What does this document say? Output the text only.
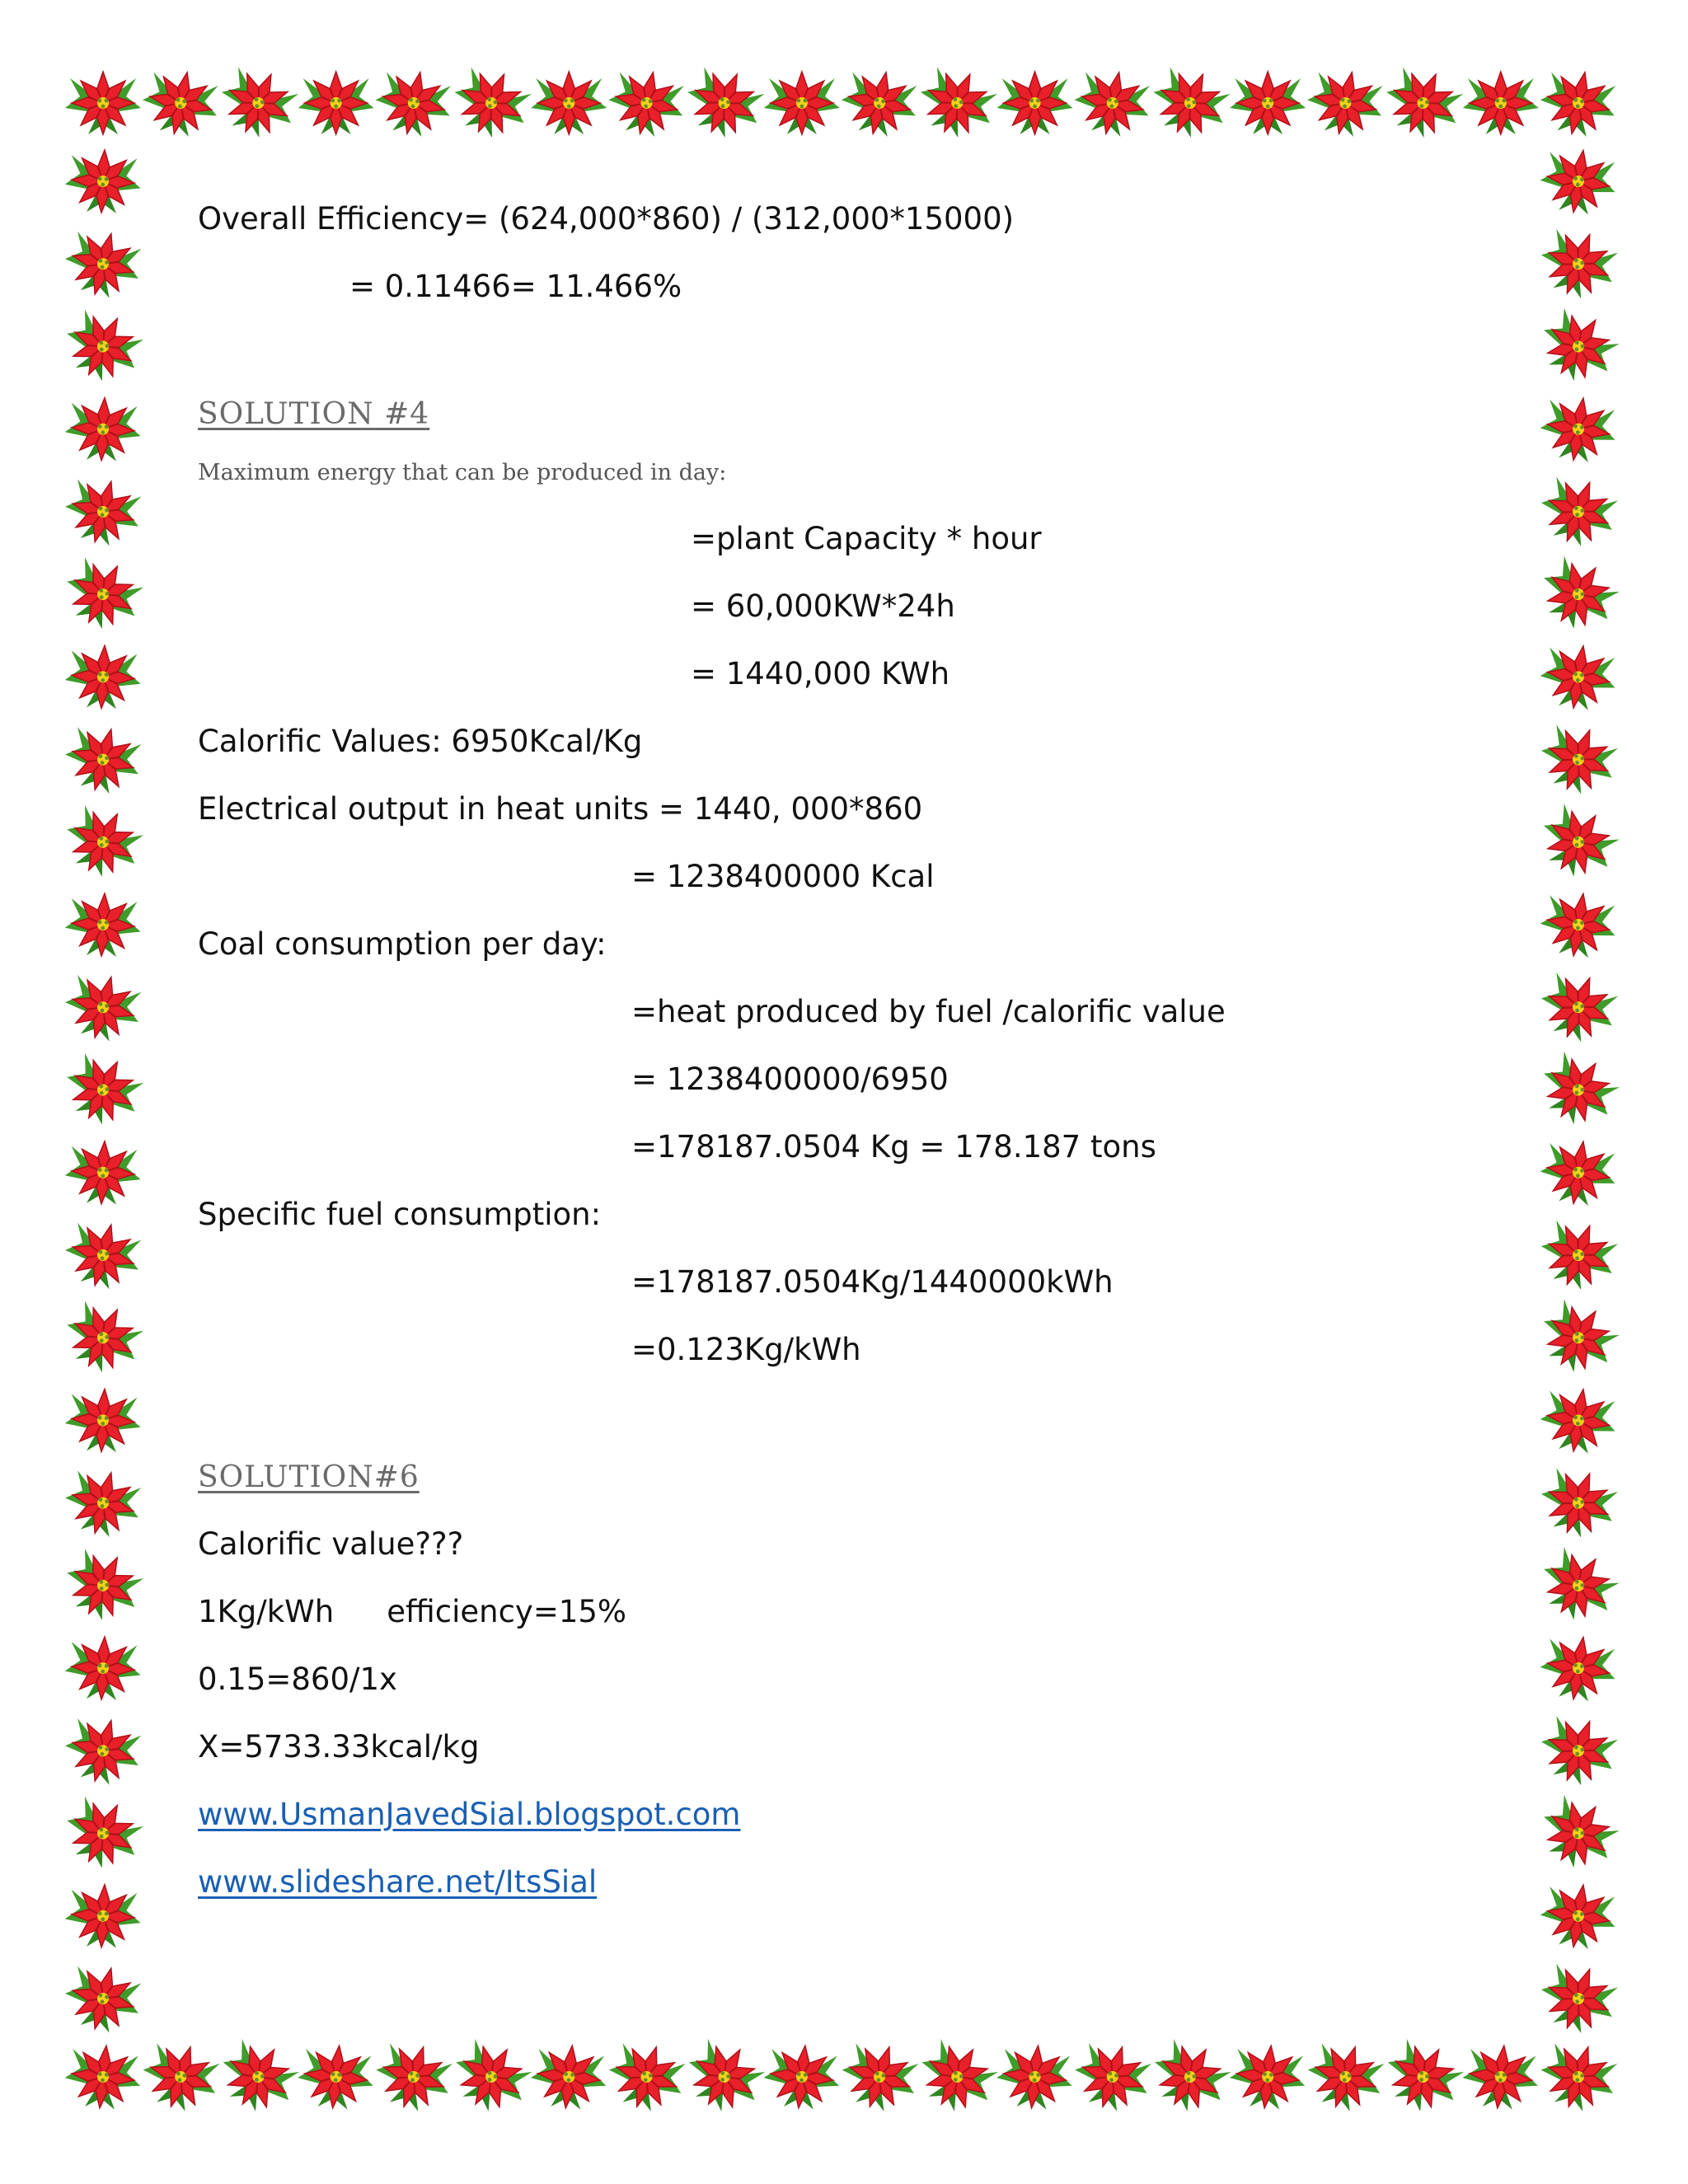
Overall Efficiency= (624,000*860) / (312,000*15000)

= 0.11466= 11.466%

SOLUTION #4

Maximum energy that can be produced in day:

=plant Capacity * hour

= 60,000KW*24h

= 1440,000 KWh

Calorific Values: 6950Kcal/Kg

Electrical output in heat units = 1440, 000*860

= 1238400000 Kcal

Coal consumption per day:

=heat produced by fuel /calorific value

= 1238400000/6950

=178187.0504 Kg = 178.187 tons

Specific fuel consumption:

=178187.0504Kg/1440000kWh

=0.123Kg/kWh

SOLUTION#6

Calorific value???

1Kg/kWh efficiency=15%

0.15=860/1x

X=5733.33kcal/kg

www.UsmanJavedSial.blogspot.com
www.slideshare.net/ItsSial
